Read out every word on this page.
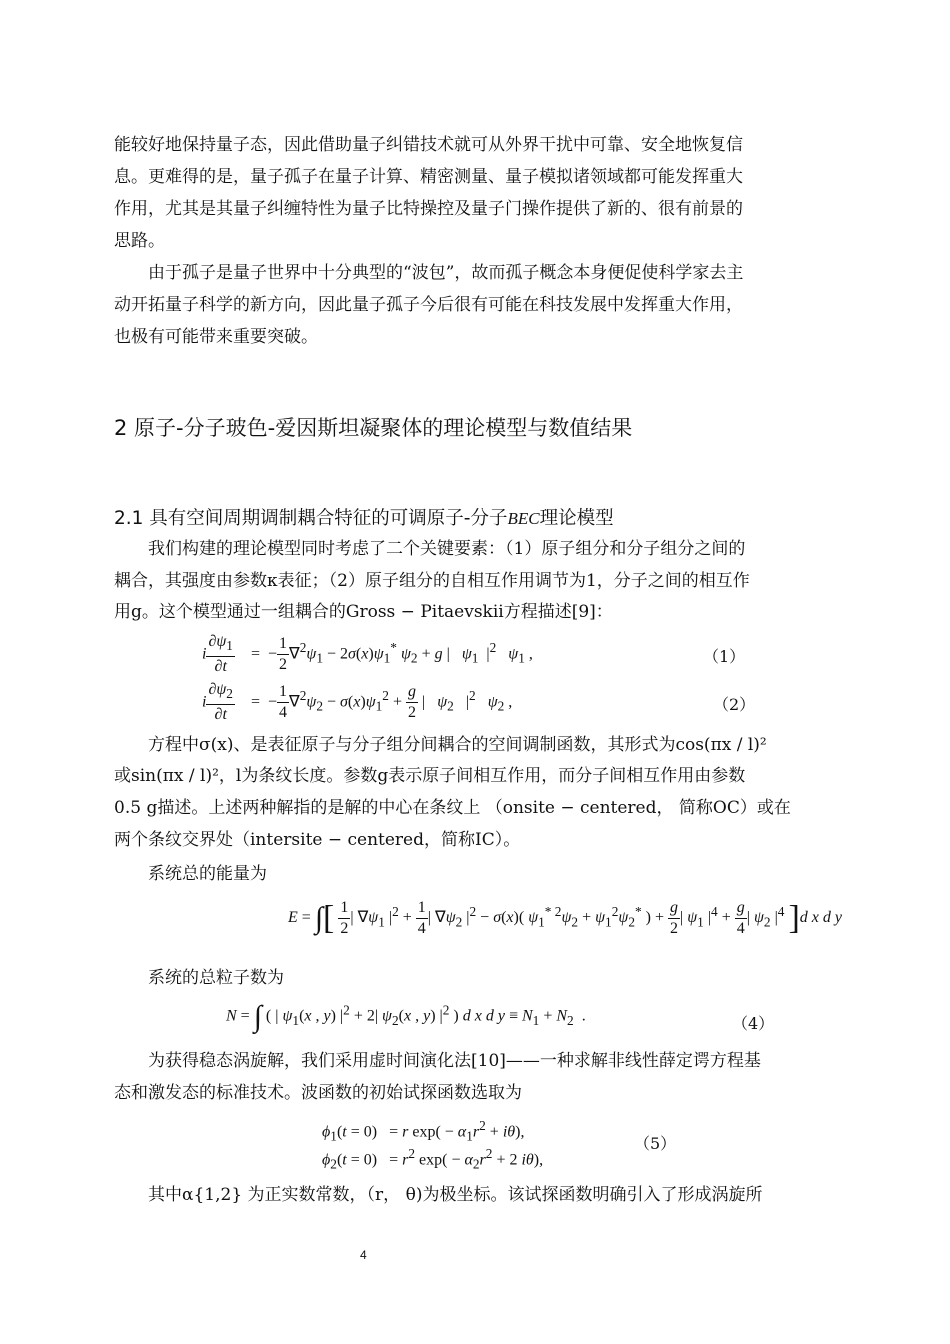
能较好地保持量子态，因此借助量子纠错技术就可从外界干扰中可靠、安全地恢复信
息。更难得的是，量子孤子在量子计算、精密测量、量子模拟诸领域都可能发挥重大
作用，尤其是其量子纠缠特性为量子比特操控及量子门操作提供了新的、很有前景的
思路。
由于孤子是量子世界中十分典型的“波包”，故而孤子概念本身便促使科学家去主
动开拓量子科学的新方向，因此量子孤子今后很有可能在科技发展中发挥重大作用，
也极有可能带来重要突破。
2 原子-分子玻色-爱因斯坦凝聚体的理论模型与数值结果
2.1 具有空间周期调制耦合特征的可调原子-分子BEC理论模型
我们构建的理论模型同时考虑了二个关键要素：（1）原子组分和分子组分之间的
耦合，其强度由参数κ表征；（2）原子组分的自相互作用调节为1，分子之间的相互作
用g。这个模型通过一组耦合的Gross − Pitaevskii方程描述[9]：
i $\frac{\partial\psi_1}{\partial t}$ =  − $\frac{1}{2} \nabla^2\psi_1 - 2\sigma(x)\psi_1^*$ $\psi_2 + g$ |   $\psi_1$  $|^2$ $\psi_1$ ,	（1）
i $\frac{\partial\psi_2}{\partial t}$ =  − $\frac{1}{4} \nabla^2\psi_2 - \sigma(x)\psi_1^2 + \frac{g}{2}$ |   $\psi_2$   $|^2$ $\psi_2$ ,	（2）
方程中σ(x)、是表征原子与分子组分间耦合的空间调制函数，其形式为cos(πx / l)²
或sin(πx / l)²，l为条纹长度。参数g表示原子间相互作用，而分子间相互作用由参数
0.5 g描述。上述两种解指的是解的中心在条纹上 （onsite − centered， 简称OC）或在
两个条纹交界处（intersite − centered，简称IC）。
系统总的能量为
E = ∫[ $\frac{1}{2}$ | $\nabla\psi_1$ $|^2 + \frac{1}{4}$ | $\nabla\psi_2$ $|^2 - \sigma(x)$( $\psi_1^{* 2}\psi_2 + \psi_1^2\psi_2^*$ ) + $\frac{g}{2}$ | $\psi_1$ $|^4 + \frac{g}{4}$ | $\psi_2$ $|^4$ ]d x d y
系统的总粒子数为
N = ∫ ( | $\psi_1(x$ , y) $|^2 + 2|$ $\psi_2(x$ , y) $|^2$ ) d x d $y \equiv N_1 + N_2$  .	（4）
为获得稳态涡旋解，我们采用虚时间演化法[10]——一种求解非线性薛定谔方程基
态和激发态的标准技术。波函数的初始试探函数选取为
$\phi_1(t = 0) = r$ $\exp( - \alpha_1r^2 + i\theta)$,
$\phi_2(t = 0) = r^2$ $\exp( - \alpha_2r^2 + 2$ iθ),
（5）
其中α{1,2} 为正实数常数，（r， θ)为极坐标。该试探函数明确引入了形成涡旋所
4
